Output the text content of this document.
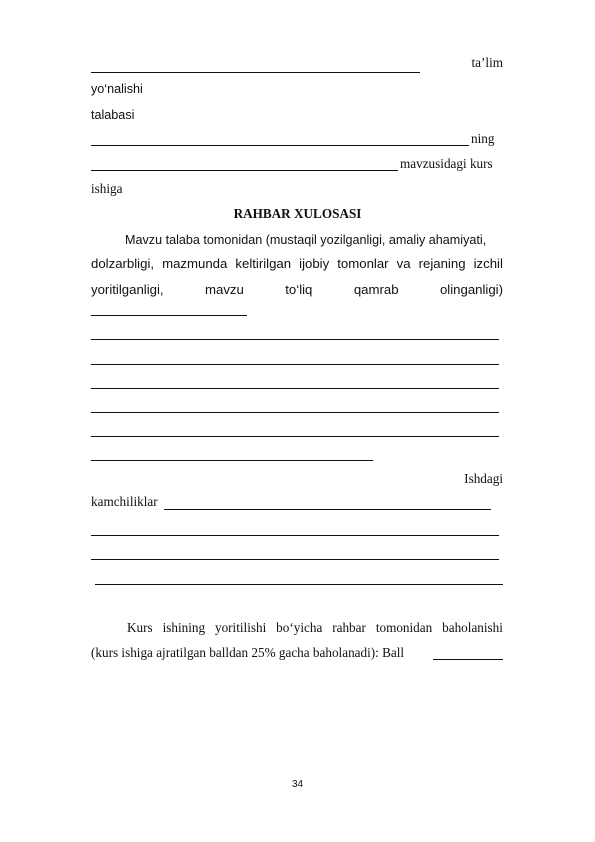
ta’lim
yo‘nalishi
talabasi
ning
mavzusidagi kurs
ishiga
RAHBAR XULOSASI
Mavzu talaba tomonidan (mustaqil yozilganligi, amaliy ahamiyati,
dolzarbligi, mazmunda keltirilgan ijobiy tomonlar va rejaning izchil
yoritilganligi,	mavzu	to‘liq	qamrab	olinganligi)
Ishdagi
kamchiliklar
Kurs ishining yoritilishi bo‘yicha rahbar tomonidan baholanishi
(kurs ishiga ajratilgan balldan 25% gacha baholanadi): Ball
34
